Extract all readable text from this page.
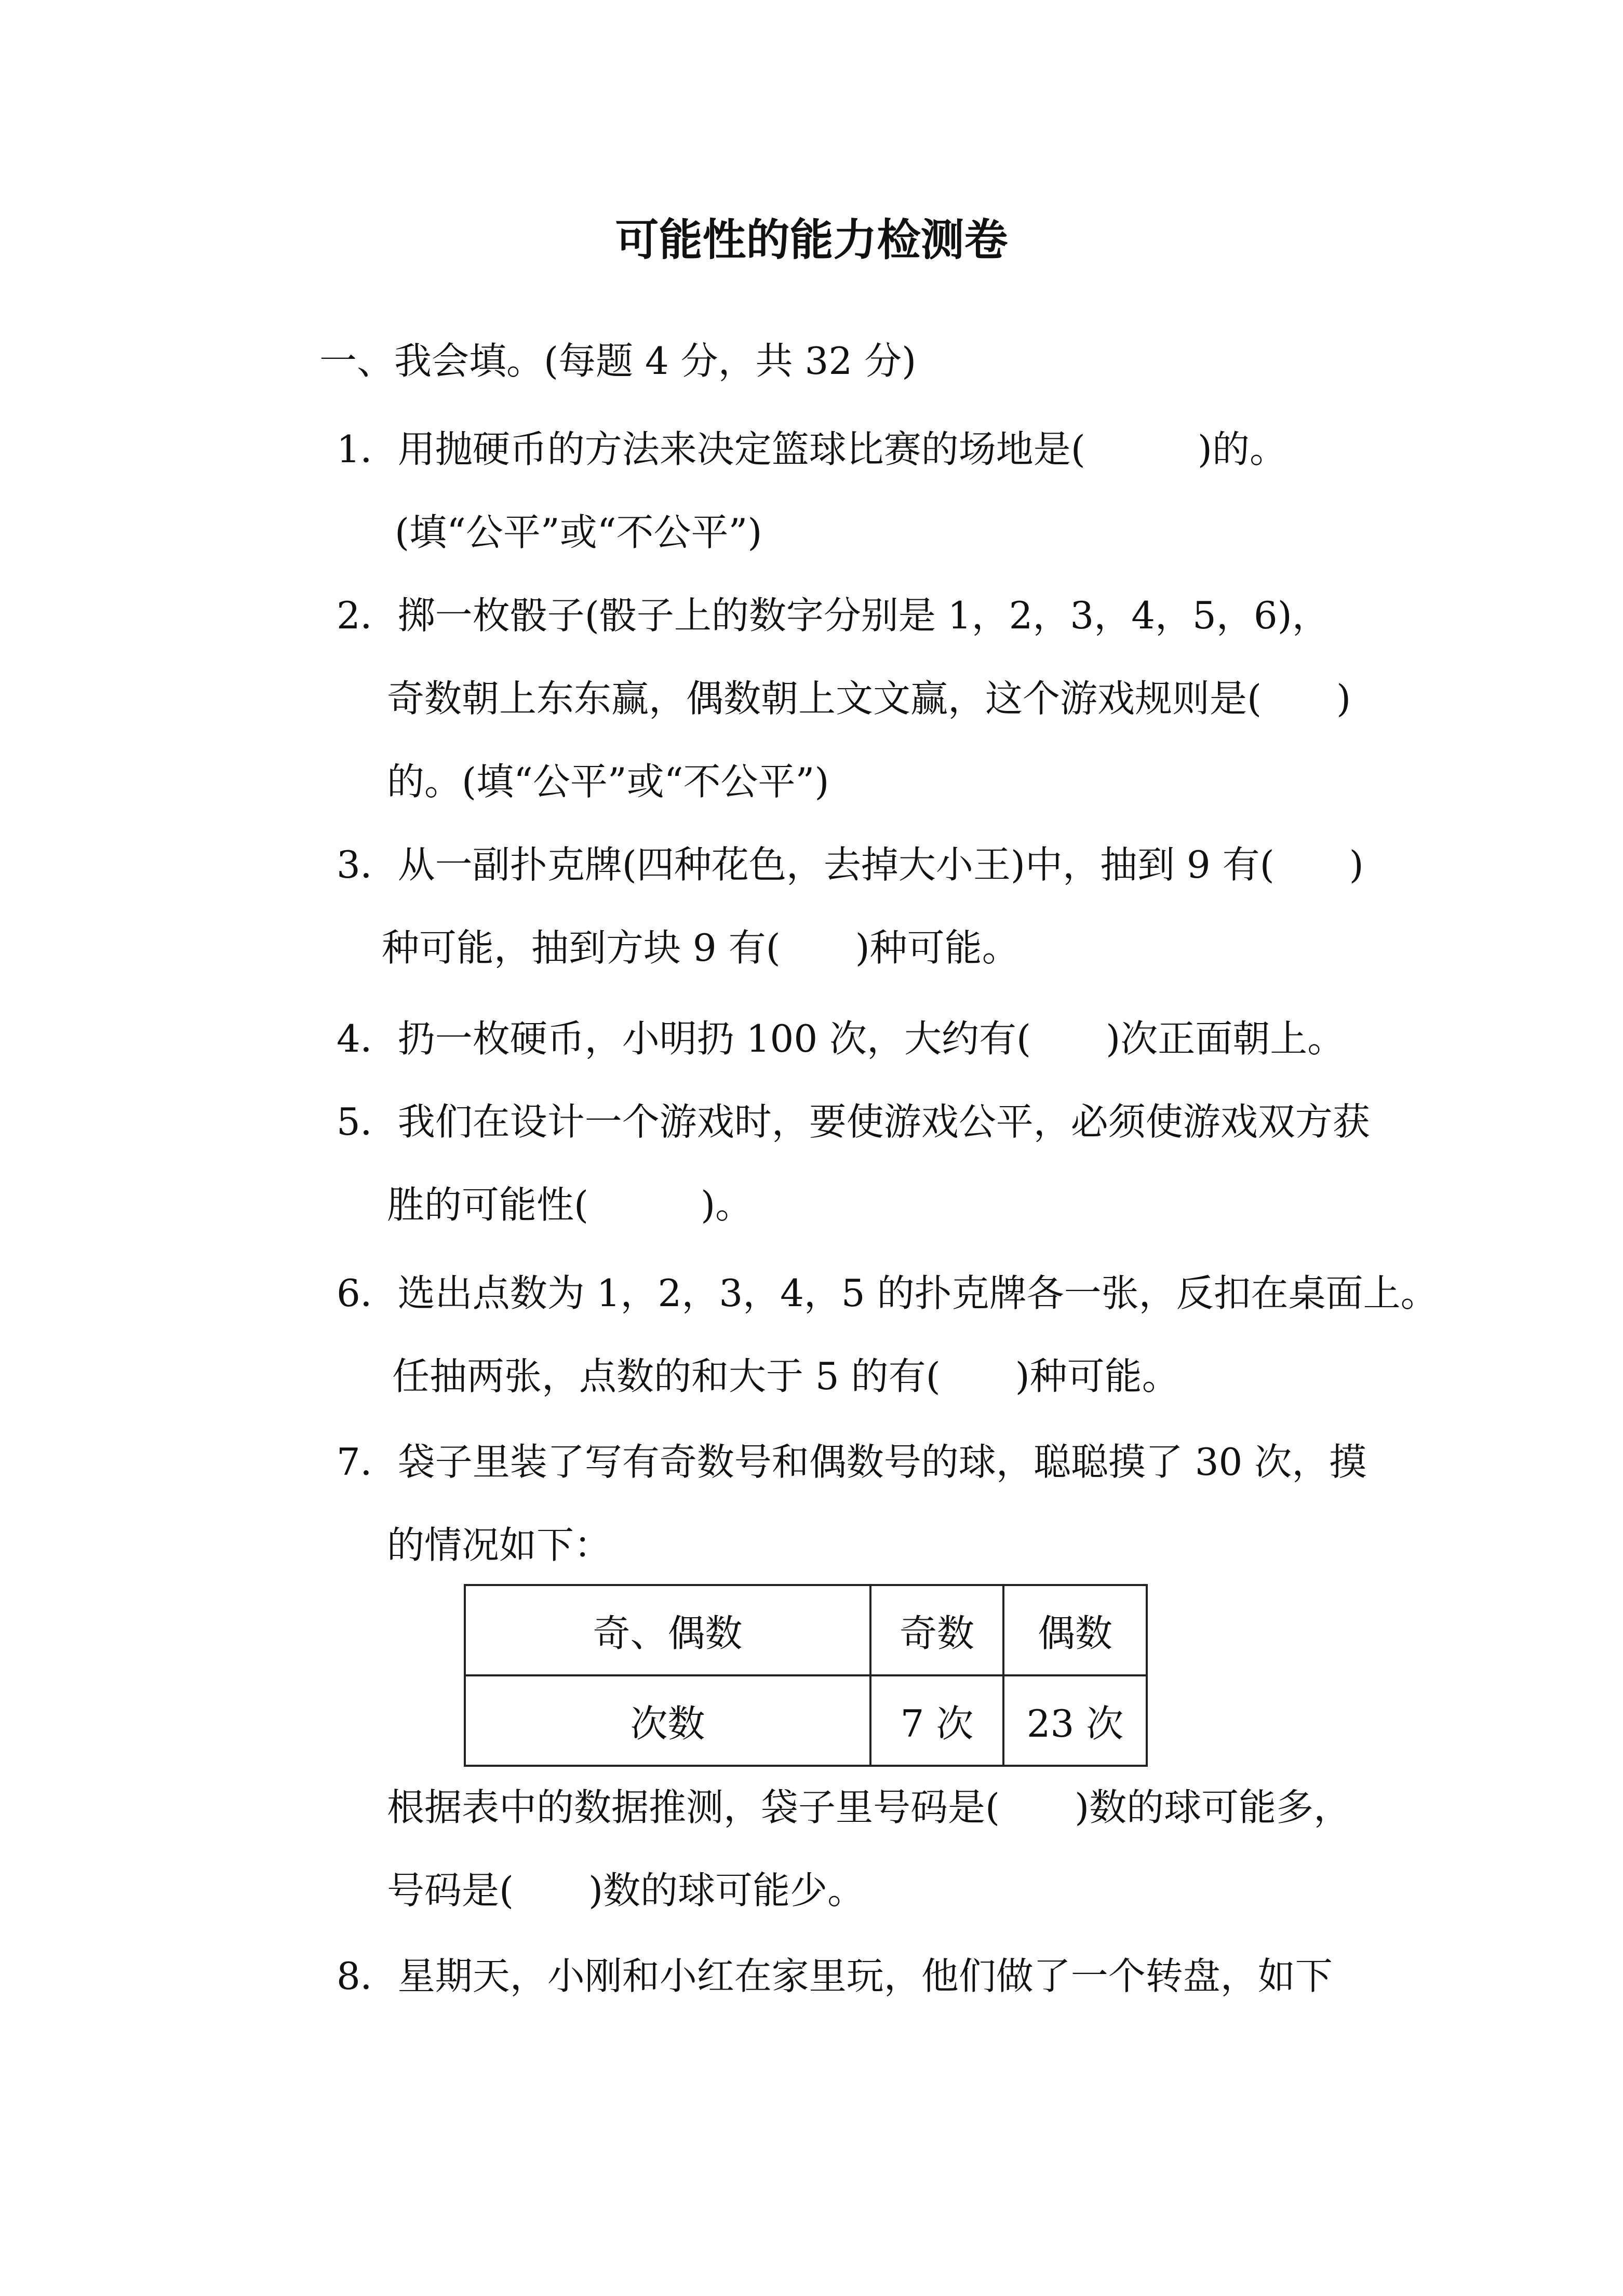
可能性的能力检测卷
一、我会填。(每题 4 分，共 32 分)
1．用抛硬币的方法来决定篮球比赛的场地是(　　　)的。
(填“公平”或“不公平”)
2．掷一枚骰子(骰子上的数字分别是 1，2，3，4，5，6)，
奇数朝上东东赢，偶数朝上文文赢，这个游戏规则是(　　)
的。(填“公平”或“不公平”)
3．从一副扑克牌(四种花色，去掉大小王)中，抽到 9 有(　　)
种可能，抽到方块 9 有(　　)种可能。
4．扔一枚硬币，小明扔 100 次，大约有(　　)次正面朝上。
5．我们在设计一个游戏时，要使游戏公平，必须使游戏双方获
胜的可能性(　　　)。
6．选出点数为 1，2，3，4，5 的扑克牌各一张，反扣在桌面上。
任抽两张，点数的和大于 5 的有(　　)种可能。
7．袋子里装了写有奇数号和偶数号的球，聪聪摸了 30 次，摸
的情况如下：
奇、偶数	奇数	偶数
次数	7 次	23 次
根据表中的数据推测，袋子里号码是(　　)数的球可能多，
号码是(　　)数的球可能少。
8．星期天，小刚和小红在家里玩，他们做了一个转盘，如下
